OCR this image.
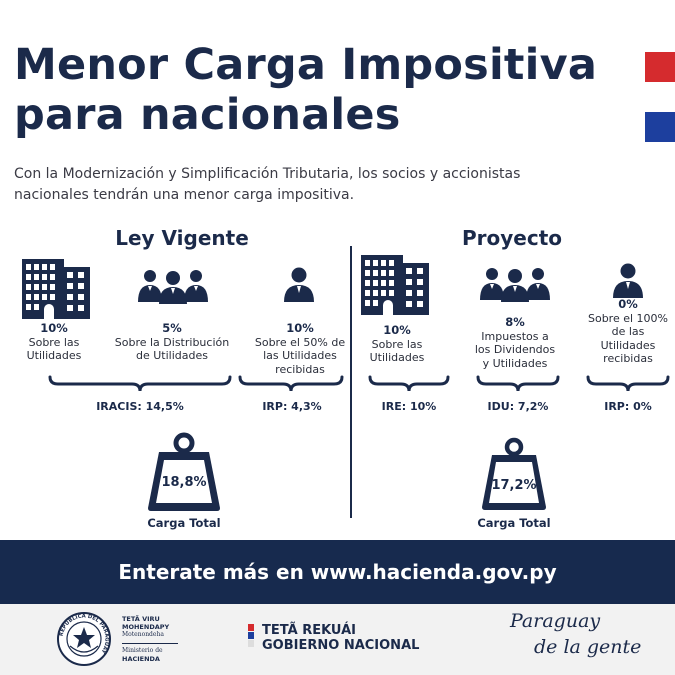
Menor Carga Impositiva
para nacionales
Con la Modernización y Simplificación Tributaria, los socios y accionistas
nacionales tendrán una menor carga impositiva.
Ley Vigente	Proyecto
10%
Sobre las
Utilidades
5%
Sobre la Distribución
de Utilidades
10%
Sobre el 50% de
las Utilidades
recibidas
IRACIS: 14,5%	IRP: 4,3%
18,8%
Carga Total
10%
Sobre las
Utilidades
8%
Impuestos a
los Dividendos
y Utilidades
0%
Sobre el 100%
de las
Utilidades
recibidas
IRE: 10%	IDU: 7,2%	IRP: 0%
17,2%
Carga Total
Enterate más en www.hacienda.gov.py
REPÚBLICA DEL PARAGUAY
TETÃ VIRU
MOHENDAPY
Motenondeha
Ministerio de
HACIENDA
TETÃ REKUÁI
GOBIERNO NACIONAL
Paraguay
de la gente
